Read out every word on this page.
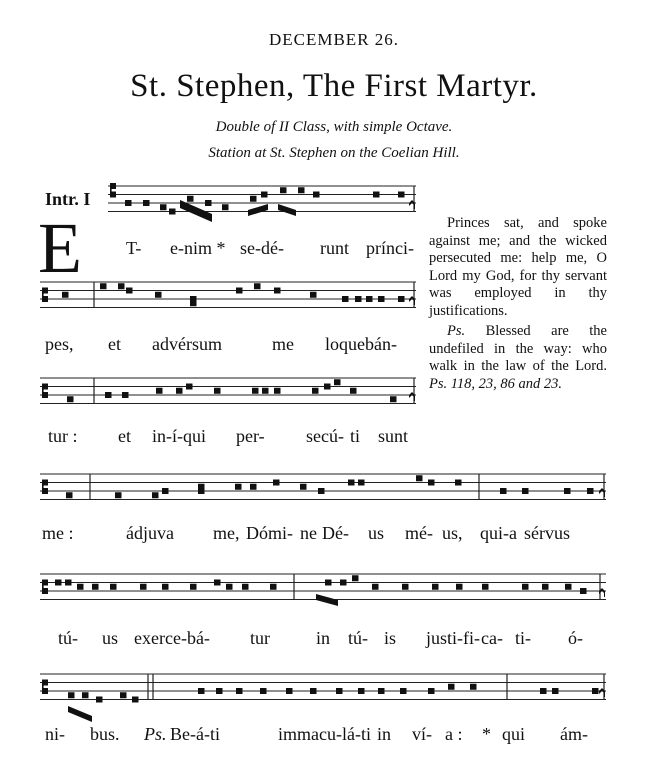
DECEMBER 26.
St. Stephen, The First Martyr.
Double of II Class, with simple Octave.
Station at St. Stephen on the Coelian Hill.
Intr. I
E	Princes sat, and spoke against me; and the wicked persecuted me: help me, O Lord my God, for thy servant was employed in thy justifications.

Ps. Blessed are the undefiled in the way: who walk in the law of the Lord. Ps. 118, 23, 86 and 23.

T- e-nim * se-dé- runt prínci-
pes, et advérsum	me loquebán-
tur : et in-í-qui per- secú- ti sunt
me :	ádjuva me, Dómi- ne Dé- us mé- us, qui-a sérvus
tú- us exerce-bá- tur	in tú- is justi-fi- ca- ti- ó-
ni- bus. Ps. Be-á-ti	immacu-lá-ti in ví- a : * qui ám-
